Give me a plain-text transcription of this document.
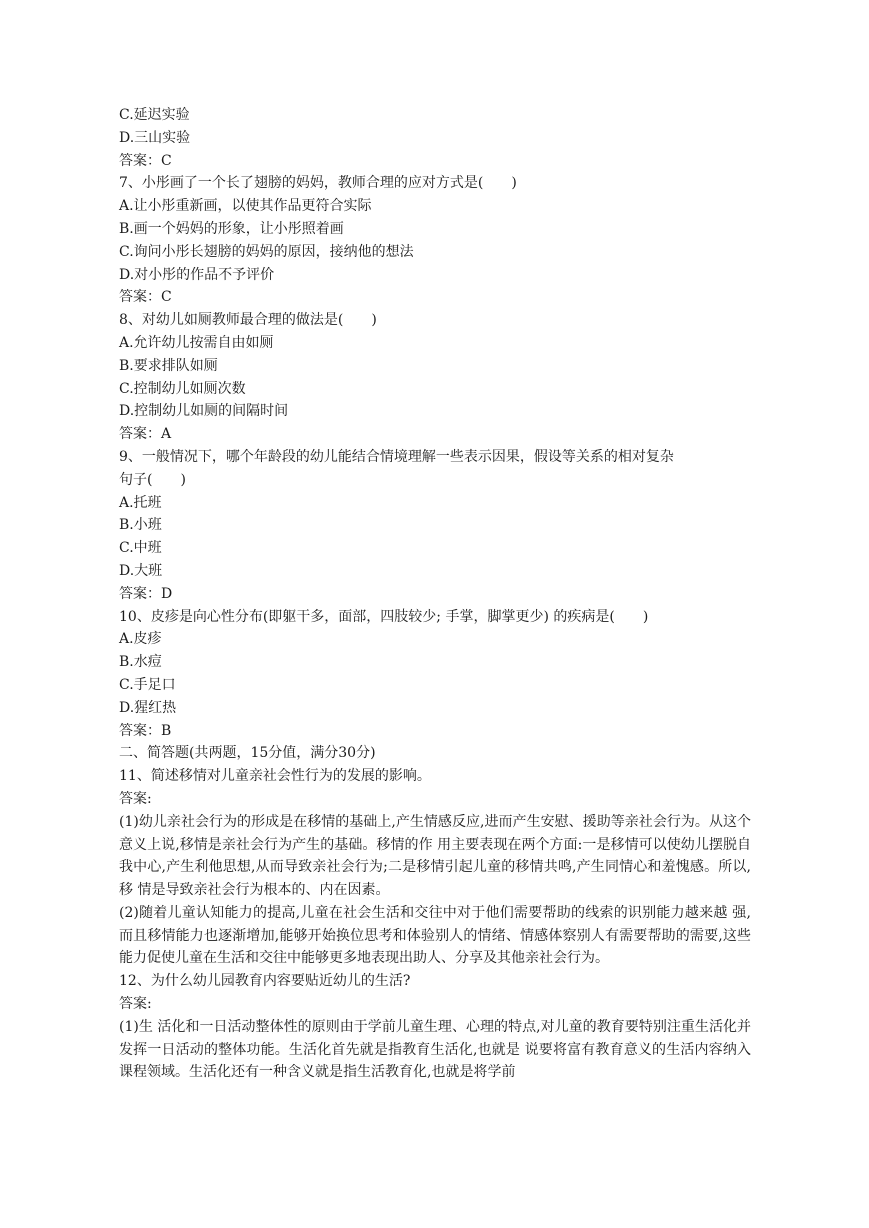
C.延迟实验

D.三山实验

答案：C

7、小彤画了一个长了翅膀的妈妈，教师合理的应对方式是(　　)

A.让小彤重新画，以使其作品更符合实际

B.画一个妈妈的形象，让小彤照着画

C.询问小彤长翅膀的妈妈的原因，接纳他的想法

D.对小彤的作品不予评价

答案：C

8、对幼儿如厕教师最合理的做法是(　　)

A.允许幼儿按需自由如厕

B.要求排队如厕

C.控制幼儿如厕次数

D.控制幼儿如厕的间隔时间

答案：A

9、一般情况下，哪个年龄段的幼儿能结合情境理解一些表示因果，假设等关系的相对复杂

句子(　　)

A.托班

B.小班

C.中班

D.大班

答案：D

10、皮疹是向心性分布(即躯干多，面部，四肢较少; 手掌，脚掌更少) 的疾病是(　　)

A.皮疹

B.水痘

C.手足口

D.猩红热

答案：B

二、简答题(共两题，15分值，满分30分)

11、简述移情对儿童亲社会性行为的发展的影响。

答案:

(1)幼儿亲社会行为的形成是在移情的基础上,产生情感反应,进而产生安慰、援助等亲社会行为。从这个意义上说,移情是亲社会行为产生的基础。移情的作 用主要表现在两个方面:一是移情可以使幼儿摆脱自我中心,产生利他思想,从而导致亲社会行为;二是移情引起儿童的移情共鸣,产生同情心和羞愧感。所以,移 情是导致亲社会行为根本的、内在因素。

(2)随着儿童认知能力的提高,儿童在社会生活和交往中对于他们需要帮助的线索的识别能力越来越 强,而且移情能力也逐渐增加,能够开始换位思考和体验别人的情绪、情感体察别人有需要帮助的需要,这些能力促使儿童在生活和交往中能够更多地表现出助人、分享及其他亲社会行为。

12、为什么幼儿园教育内容要贴近幼儿的生活?

答案:

(1)生 活化和一日活动整体性的原则由于学前儿童生理、心理的特点,对儿童的教育要特别注重生活化并发挥一日活动的整体功能。生活化首先就是指教育生活化,也就是 说要将富有教育意义的生活内容纳入课程领域。生活化还有一种含义就是指生活教育化,也就是将学前
